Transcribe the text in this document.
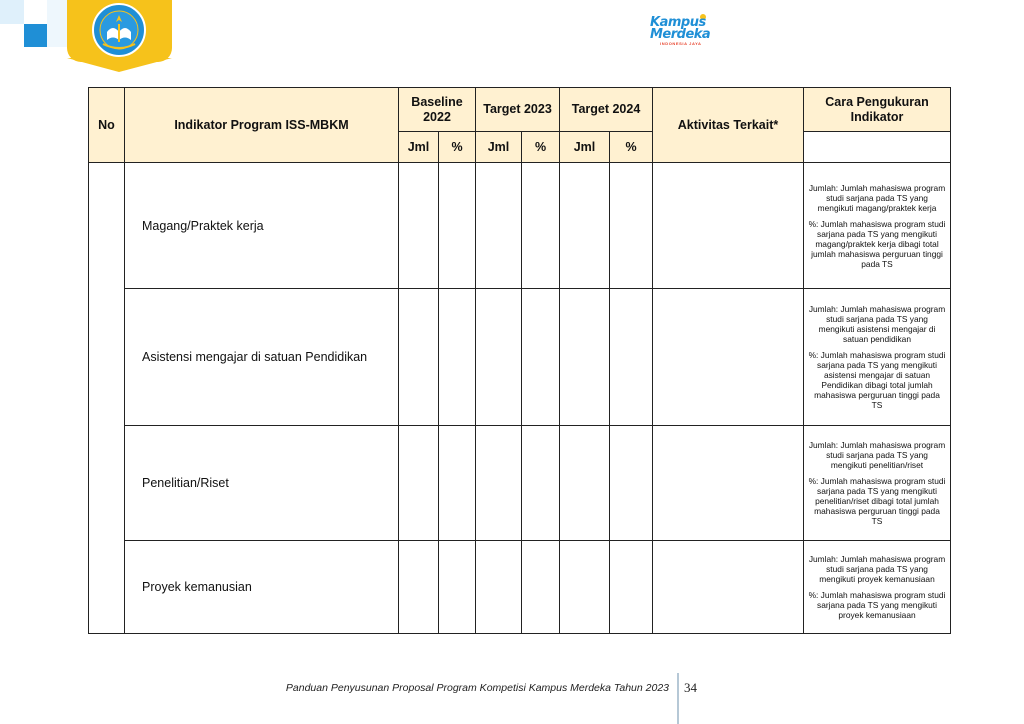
Kampus
Merdeka
INDONESIA JAYA
No	Indikator Program ISS-MBKM	Baseline 2022		Target 2023		Target 2024		Aktivitas Terkait*	Cara Pengukuran Indikator
		Jml	%	Jml	%	Jml	%		
	Magang/Praktek kerja								Jumlah: Jumlah mahasiswa program studi sarjana pada TS yang mengikuti magang/praktek kerja
%: Jumlah mahasiswa program studi sarjana pada TS yang mengikuti magang/praktek kerja dibagi total jumlah mahasiswa perguruan tinggi pada TS

	Asistensi mengajar di satuan Pendidikan								Jumlah: Jumlah mahasiswa program studi sarjana pada TS yang mengikuti asistensi mengajar di satuan pendidikan
%: Jumlah mahasiswa program studi sarjana pada TS yang mengikuti asistensi mengajar di satuan Pendidikan dibagi total jumlah mahasiswa perguruan tinggi pada TS

	Penelitian/Riset								Jumlah: Jumlah mahasiswa program studi sarjana pada TS yang mengikuti penelitian/riset
%: Jumlah mahasiswa program studi sarjana pada TS yang mengikuti penelitian/riset dibagi total jumlah mahasiswa perguruan tinggi pada TS

	Proyek kemanusian								Jumlah: Jumlah mahasiswa program studi sarjana pada TS yang mengikuti proyek kemanusiaan
%: Jumlah mahasiswa program studi sarjana pada TS yang mengikuti proyek kemanusiaan
Panduan Penyusunan Proposal Program Kompetisi Kampus Merdeka Tahun 2023 34
